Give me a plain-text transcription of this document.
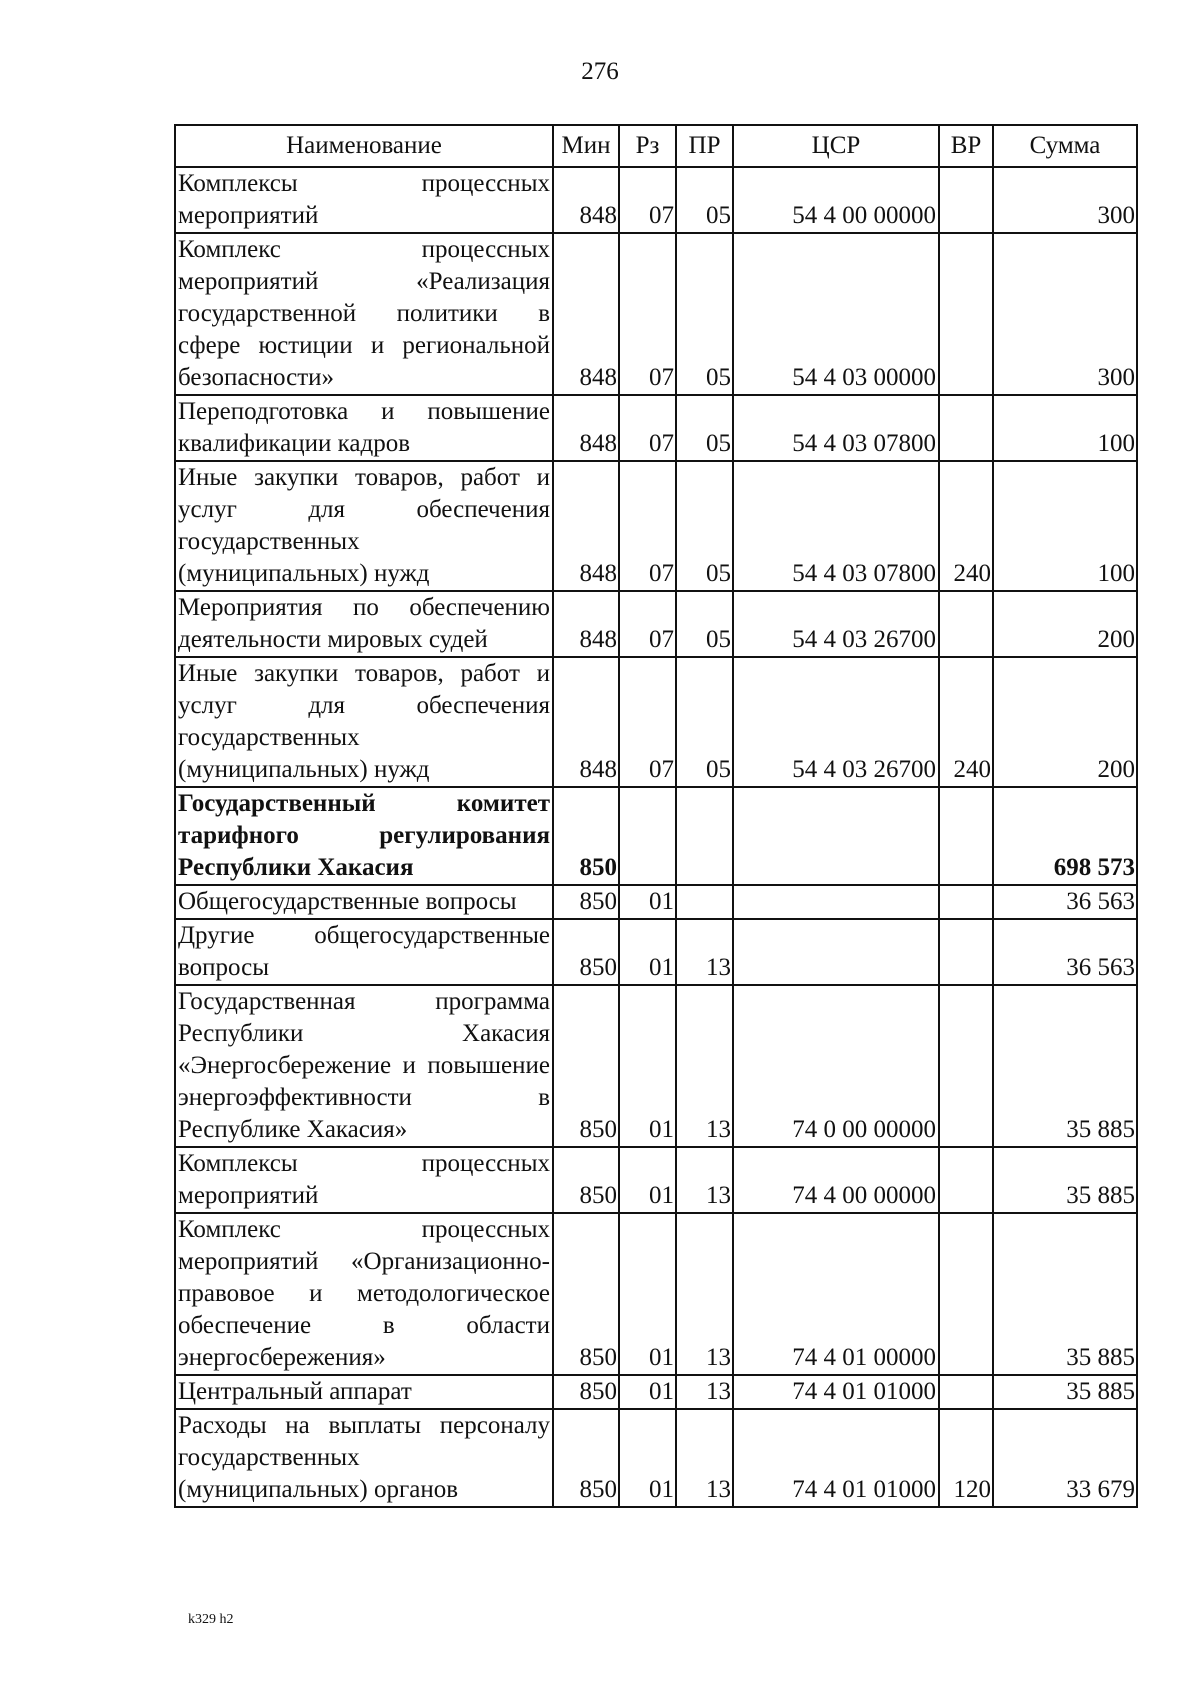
276
Наименование	Мин	Рз	ПР	ЦСР	ВР	Сумма
Комплексы процессных мероприятий	848	07	05	54 4 00 00000		300
Комплекс процессных мероприятий «Реализация государственной политики в сфере юстиции и региональной безопасности»	848	07	05	54 4 03 00000		300
Переподготовка и повышение квалификации кадров	848	07	05	54 4 03 07800		100
Иные закупки товаров, работ и услуг для обеспечения государственных (муниципальных) нужд	848	07	05	54 4 03 07800	240	100
Мероприятия по обеспечению деятельности мировых судей	848	07	05	54 4 03 26700		200
Иные закупки товаров, работ и услуг для обеспечения государственных (муниципальных) нужд	848	07	05	54 4 03 26700	240	200
Государственный комитет тарифного регулирования Республики Хакасия	850					698 573
Общегосударственные вопросы	850	01				36 563
Другие общегосударственные вопросы	850	01	13			36 563
Государственная программа Республики Хакасия «Энергосбережение и повышение энергоэффективности в Республике Хакасия»	850	01	13	74 0 00 00000		35 885
Комплексы процессных мероприятий	850	01	13	74 4 00 00000		35 885
Комплекс процессных мероприятий «Организационно-правовое и методологическое обеспечение в области энергосбережения»	850	01	13	74 4 01 00000		35 885
Центральный аппарат	850	01	13	74 4 01 01000		35 885
Расходы на выплаты персоналу государственных (муниципальных) органов	850	01	13	74 4 01 01000	120	33 679
k329 h2
